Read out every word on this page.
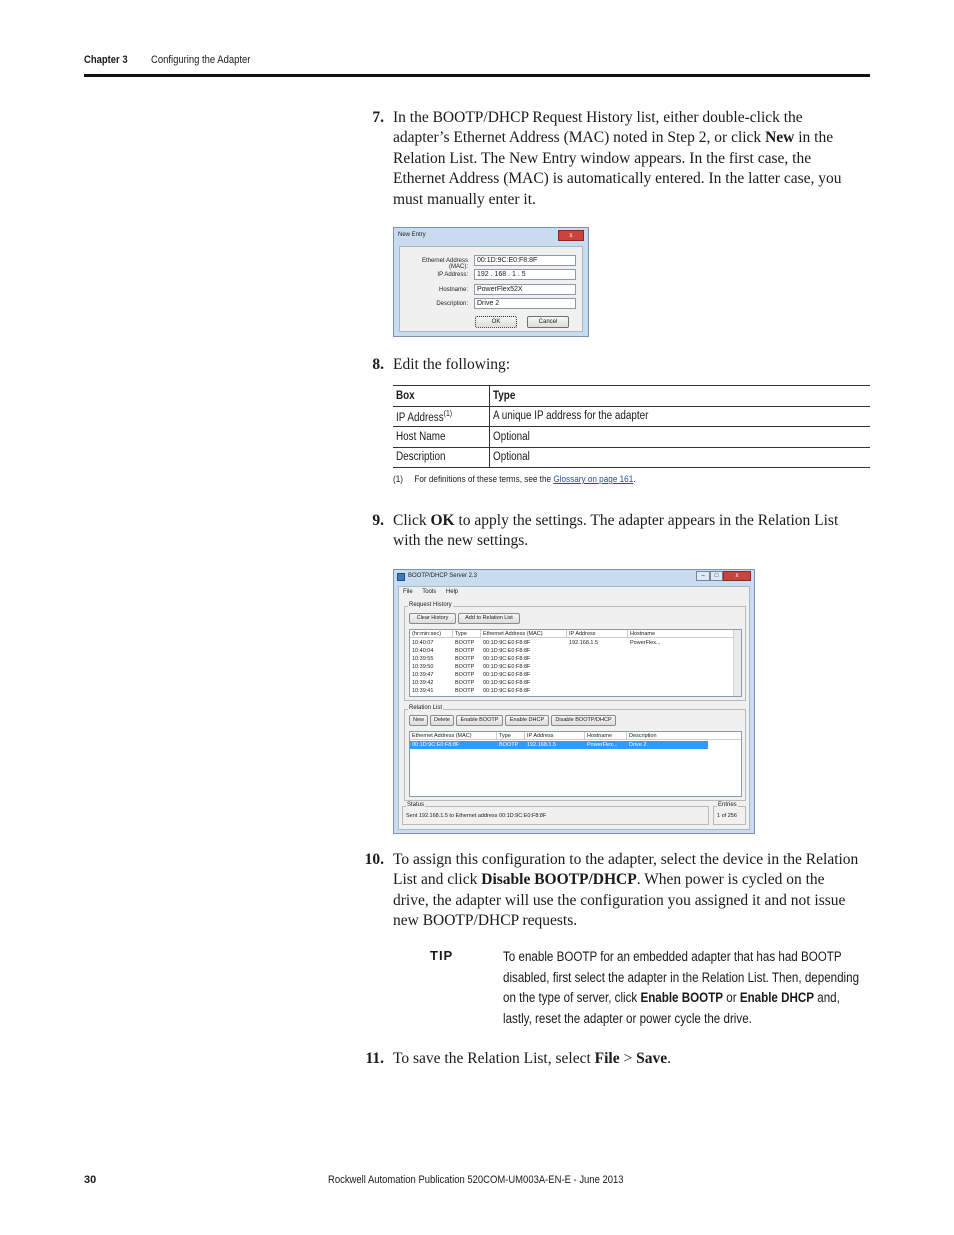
Chapter 3 Configuring the Adapter
7. In the BOOTP/DHCP Request History list, either double-click the
adapter’s Ethernet Address (MAC) noted in Step 2, or click New in the
Relation List. The New Entry window appears. In the first case, the
Ethernet Address (MAC) is automatically entered. In the latter case, you
must manually enter it.
New Entry	x
Ethernet Address (MAC):
00:1D:9C:E0:F8:8F
IP Address:	192 . 168 . 1 . 5
Hostname:	PowerFlex52X
Description:	Drive 2
OK	Cancel
8. Edit the following:
Box	Type
IP Address$^{(1)}$	A unique IP address for the adapter
Host Name	Optional
Description	Optional
(1) For definitions of these terms, see the Glossary on page 161.
9. Click OK to apply the settings. The adapter appears in the Relation List
with the new settings.
BOOTP/DHCP Server 2.3	–	□	x
File Tools Help
Request History
Clear History	Add to Relation List
(hr:min:sec)	Type	Ethernet Address (MAC)	IP Address	Hostname
10:40:07	BOOTP 00:1D:9C:E0:F8:8F	192.168.1.5	PowerFlex...
10:40:04	BOOTP 00:1D:9C:E0:F8:8F
10:39:55	BOOTP 00:1D:9C:E0:F8:8F
10:39:50	BOOTP 00:1D:9C:E0:F8:8F
10:39:47	BOOTP 00:1D:9C:E0:F8:8F
10:39:42	BOOTP 00:1D:9C:E0:F8:8F
10:39:41	BOOTP 00:1D:9C:E0:F8:8F
Relation List
New	Delete	Enable BOOTP	Enable DHCP	Disable BOOTP/DHCP
Ethernet Address (MAC)	Type	IP Address	Hostname	Description
00:1D:9C:E0:F8:8F	BOOTP 192.168.1.5	PowerFlex... Drive 2
Status
Sent 192.168.1.5 to Ethernet address 00:1D:9C:E0:F8:8F
Entries
1 of 256
10. To assign this configuration to the adapter, select the device in the Relation
List and click Disable BOOTP/DHCP. When power is cycled on the
drive, the adapter will use the configuration you assigned it and not issue
new BOOTP/DHCP requests.
TIP	To enable BOOTP for an embedded adapter that has had BOOTP
disabled, first select the adapter in the Relation List. Then, depending
on the type of server, click Enable BOOTP or Enable DHCP and,
lastly, reset the adapter or power cycle the drive.
11. To save the Relation List, select File > Save.
30	Rockwell Automation Publication 520COM-UM003A-EN-E - June 2013
